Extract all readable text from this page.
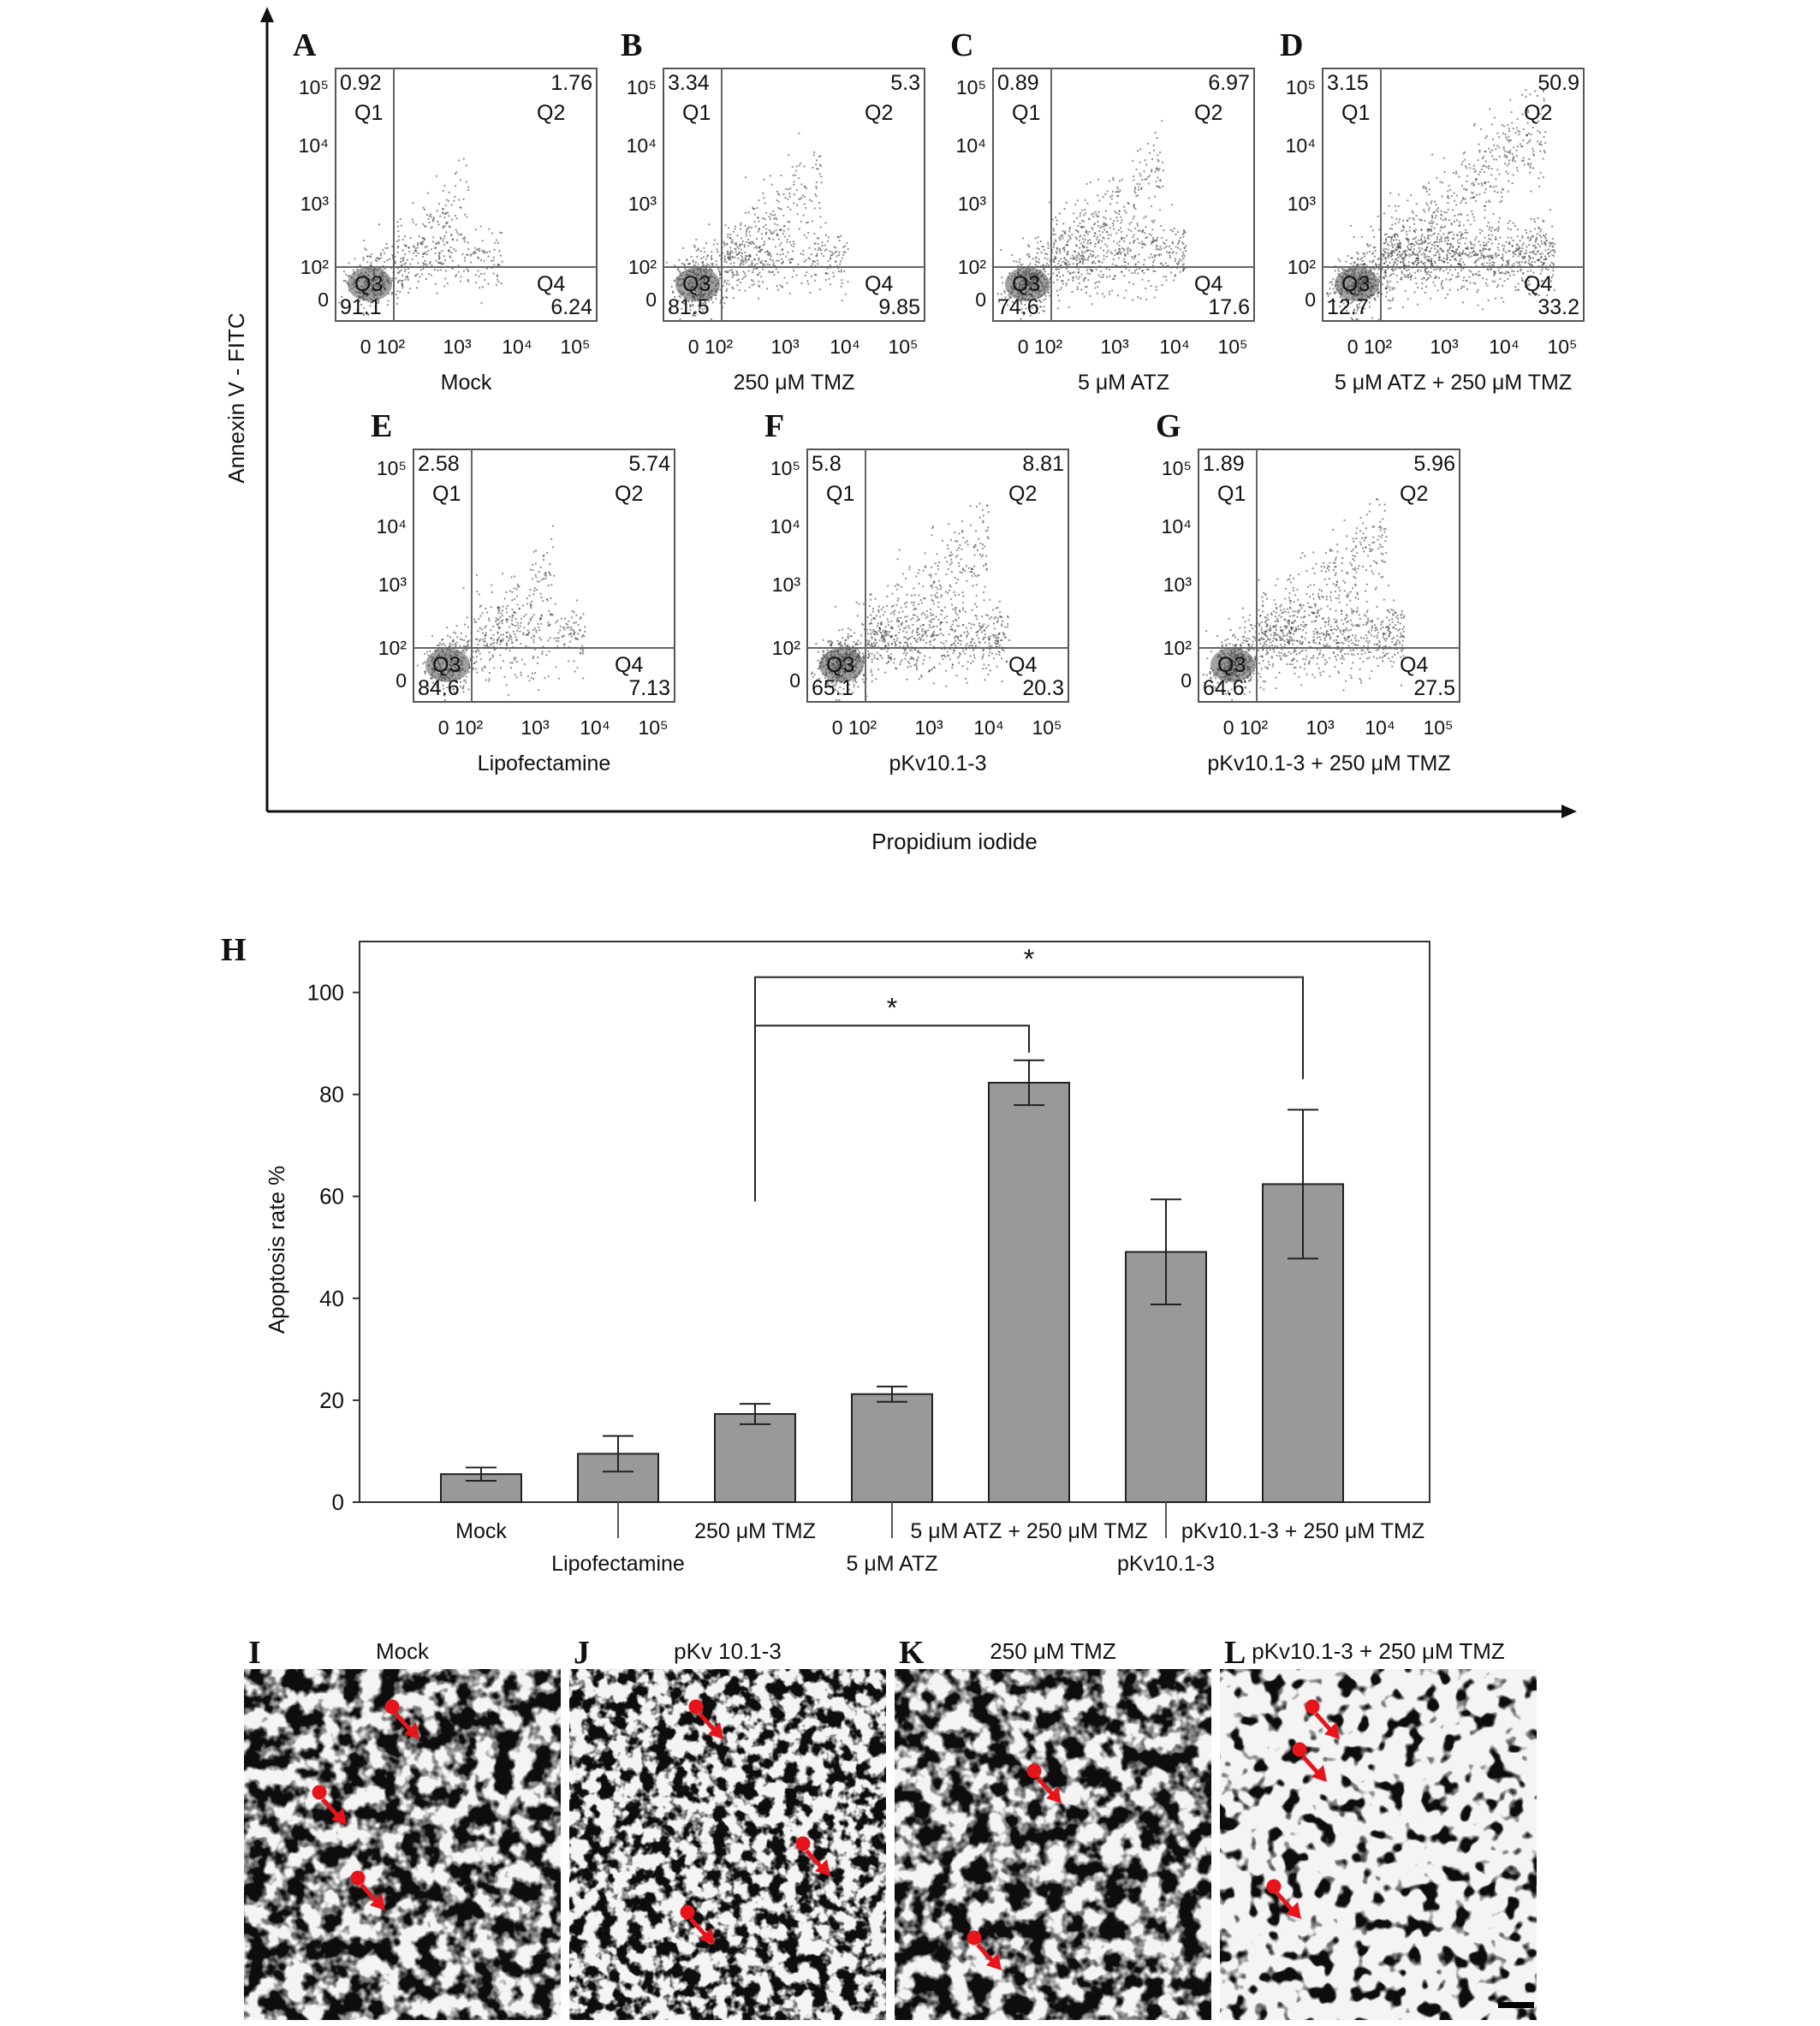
Annexin V - FITC
Propidium iodide
A
0.92	1.76
91.1	6.24
Q1	Q2
Q3	Q4
10⁵
10⁴
10³
10²
0
0 10² 10³ 10⁴ 10⁵
Mock
B
3.34	5.3
81.5	9.85
Q1	Q2
Q3	Q4
10⁵
10⁴
10³
10²
0
0 10² 10³ 10⁴ 10⁵
250 μM TMZ
C
0.89	6.97
74.6	17.6
Q1	Q2
Q3	Q4
10⁵
10⁴
10³
10²
0
0 10² 10³ 10⁴ 10⁵
5 μM ATZ
D
3.15	50.9
12.7	33.2
Q1	Q2
Q3	Q4
10⁵
10⁴
10³
10²
0
0 10² 10³ 10⁴ 10⁵
5 μM ATZ + 250 μM TMZ
E
2.58	5.74
84.6	7.13
Q1	Q2
Q3	Q4
10⁵
10⁴
10³
10²
0
0 10² 10³ 10⁴ 10⁵
Lipofectamine
F
5.8	8.81
65.1	20.3
Q1	Q2
Q3	Q4
10⁵
10⁴
10³
10²
0
0 10² 10³ 10⁴ 10⁵
pKv10.1-3
G
1.89	5.96
64.6	27.5
Q1	Q2
Q3	Q4
10⁵
10⁴
10³
10²
0
0 10² 10³ 10⁴ 10⁵
pKv10.1-3 + 250 μM TMZ
H
Apoptosis rate %
0
20
40
60
80
100	*
*
Mock
Lipofectamine
250 μM TMZ
5 μM ATZ
5 μM ATZ + 250 μM TMZ
pKv10.1-3
pKv10.1-3 + 250 μM TMZ
I	Mock	J	pKv 10.1-3	K	250 μM TMZ	L pKv10.1-3 + 250 μM TMZ
